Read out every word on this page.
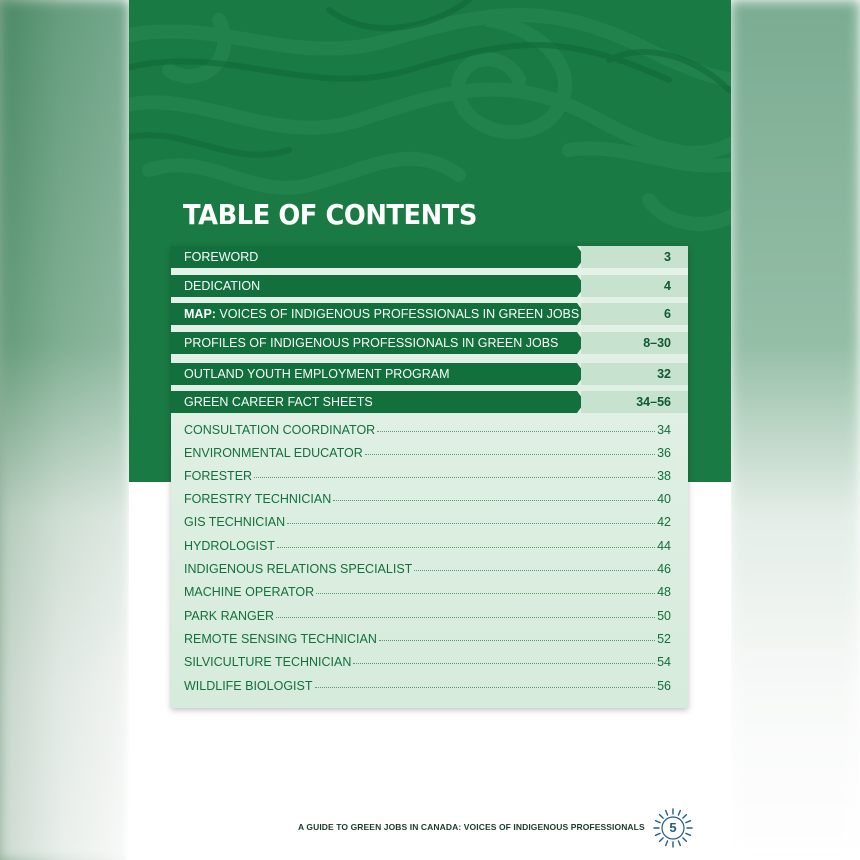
TABLE OF CONTENTS
FOREWORD	3
DEDICATION	4
MAP: VOICES OF INDIGENOUS PROFESSIONALS IN GREEN JOBS	6
PROFILES OF INDIGENOUS PROFESSIONALS IN GREEN JOBS	8–30
OUTLAND YOUTH EMPLOYMENT PROGRAM	32
GREEN CAREER FACT SHEETS	34–56
CONSULTATION COORDINATOR	34
ENVIRONMENTAL EDUCATOR	36
FORESTER	38
FORESTRY TECHNICIAN	40
GIS TECHNICIAN	42
HYDROLOGIST	44
INDIGENOUS RELATIONS SPECIALIST	46
MACHINE OPERATOR	48
PARK RANGER	50
REMOTE SENSING TECHNICIAN	52
SILVICULTURE TECHNICIAN	54
WILDLIFE BIOLOGIST	56
A GUIDE TO GREEN JOBS IN CANADA: VOICES OF INDIGENOUS PROFESSIONALS	5
